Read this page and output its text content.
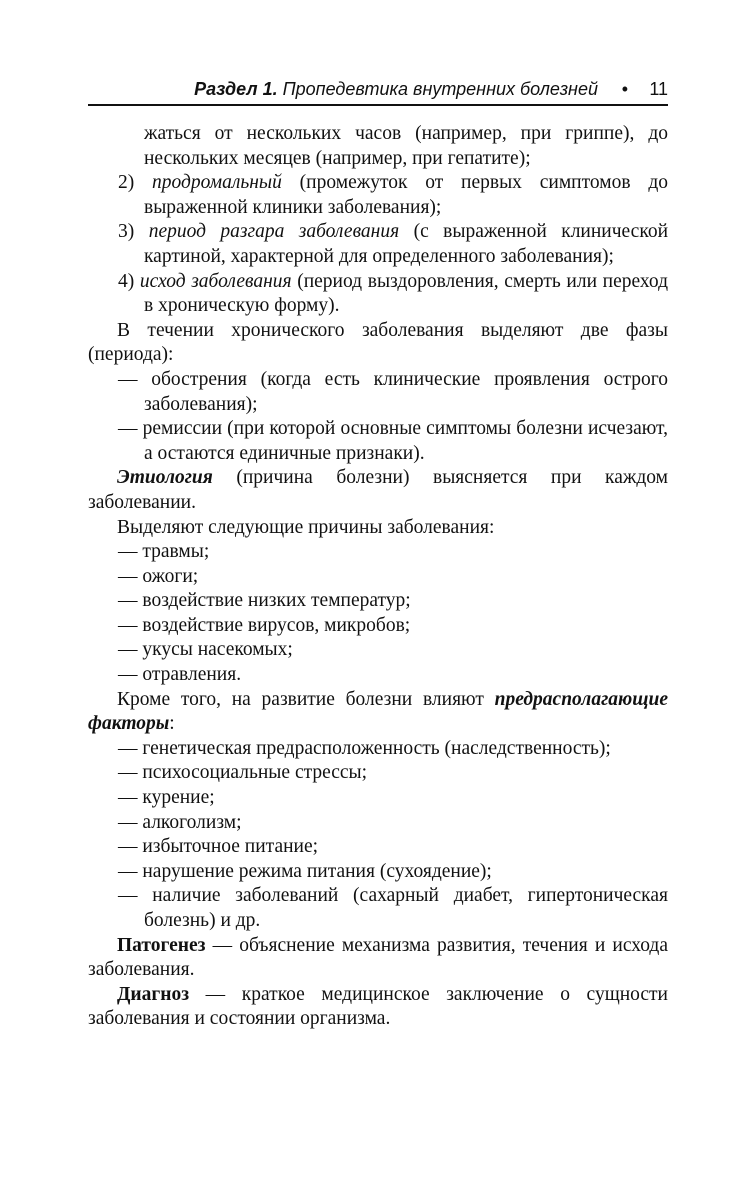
Раздел 1. Пропедевтика внутренних болезней • 11

жаться от нескольких часов (например, при гриппе), до нескольких месяцев (например, при гепатите);

2) продромальный (промежуток от первых симптомов до выраженной клиники заболевания);

3) период разгара заболевания (с выраженной клинической картиной, характерной для определенного заболевания);

4) исход заболевания (период выздоровления, смерть или переход в хроническую форму).

В течении хронического заболевания выделяют две фазы (периода):

— обострения (когда есть клинические проявления острого заболевания);

— ремиссии (при которой основные симптомы болезни исчезают, а остаются единичные признаки).

Этиология (причина болезни) выясняется при каждом заболевании.

Выделяют следующие причины заболевания:

— травмы;

— ожоги;

— воздействие низких температур;

— воздействие вирусов, микробов;

— укусы насекомых;

— отравления.

Кроме того, на развитие болезни влияют предрасполагающие факторы:

— генетическая предрасположенность (наследственность);

— психосоциальные стрессы;

— курение;

— алкоголизм;

— избыточное питание;

— нарушение режима питания (сухоядение);

— наличие заболеваний (сахарный диабет, гипертоническая болезнь) и др.

Патогенез — объяснение механизма развития, течения и исхода заболевания.

Диагноз — краткое медицинское заключение о сущности заболевания и состоянии организма.
